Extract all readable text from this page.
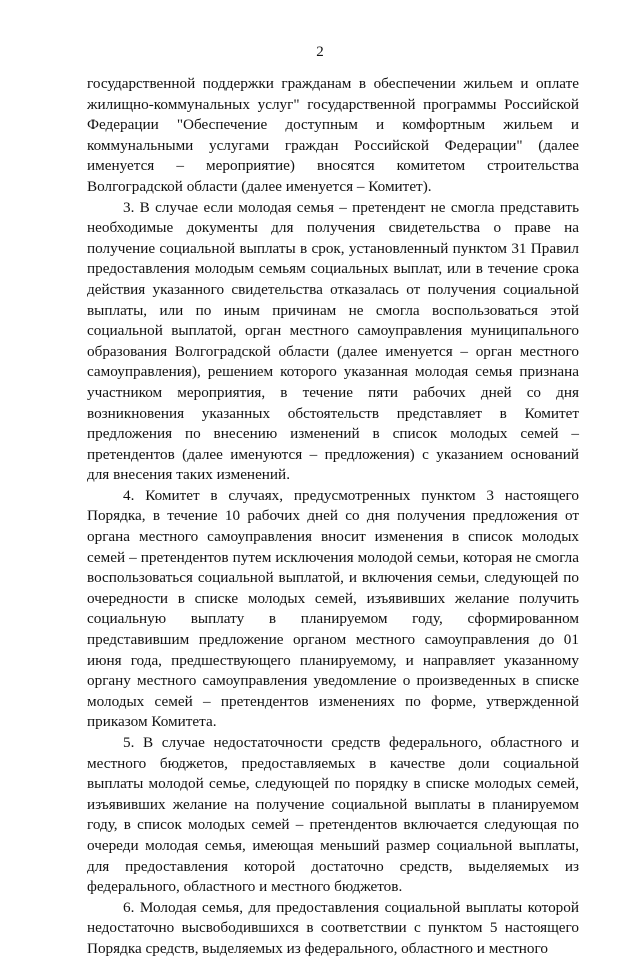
2

государственной поддержки гражданам в обеспечении жильем и оплате жилищно-коммунальных услуг" государственной программы Российской Федерации "Обеспечение доступным и комфортным жильем и коммунальными услугами граждан Российской Федерации" (далее именуется – мероприятие) вносятся комитетом строительства Волгоградской области (далее именуется – Комитет).

3. В случае если молодая семья – претендент не смогла представить необходимые документы для получения свидетельства о праве на получение социальной выплаты в срок, установленный пунктом 31 Правил предоставления молодым семьям социальных выплат, или в течение срока действия указанного свидетельства отказалась от получения социальной выплаты, или по иным причинам не смогла воспользоваться этой социальной выплатой, орган местного самоуправления муниципального образования Волгоградской области (далее именуется – орган местного самоуправления), решением которого указанная молодая семья признана участником мероприятия, в течение пяти рабочих дней со дня возникновения указанных обстоятельств представляет в Комитет предложения по внесению изменений в список молодых семей – претендентов (далее именуются – предложения) с указанием оснований для внесения таких изменений.

4. Комитет в случаях, предусмотренных пунктом 3 настоящего Порядка, в течение 10 рабочих дней со дня получения предложения от органа местного самоуправления вносит изменения в список молодых семей – претендентов путем исключения молодой семьи, которая не смогла воспользоваться социальной выплатой, и включения семьи, следующей по очередности в списке молодых семей, изъявивших желание получить социальную выплату в планируемом году, сформированном представившим предложение органом местного самоуправления до 01 июня года, предшествующего планируемому, и направляет указанному органу местного самоуправления уведомление о произведенных в списке молодых семей – претендентов изменениях по форме, утвержденной приказом Комитета.

5. В случае недостаточности средств федерального, областного и местного бюджетов, предоставляемых в качестве доли социальной выплаты молодой семье, следующей по порядку в списке молодых семей, изъявивших желание на получение социальной выплаты в планируемом году, в список молодых семей – претендентов включается следующая по очереди молодая семья, имеющая меньший размер социальной выплаты, для предоставления которой достаточно средств, выделяемых из федерального, областного и местного бюджетов.

6. Молодая семья, для предоставления социальной выплаты которой недостаточно высвободившихся в соответствии с пунктом 5 настоящего Порядка средств, выделяемых из федерального, областного и местного
